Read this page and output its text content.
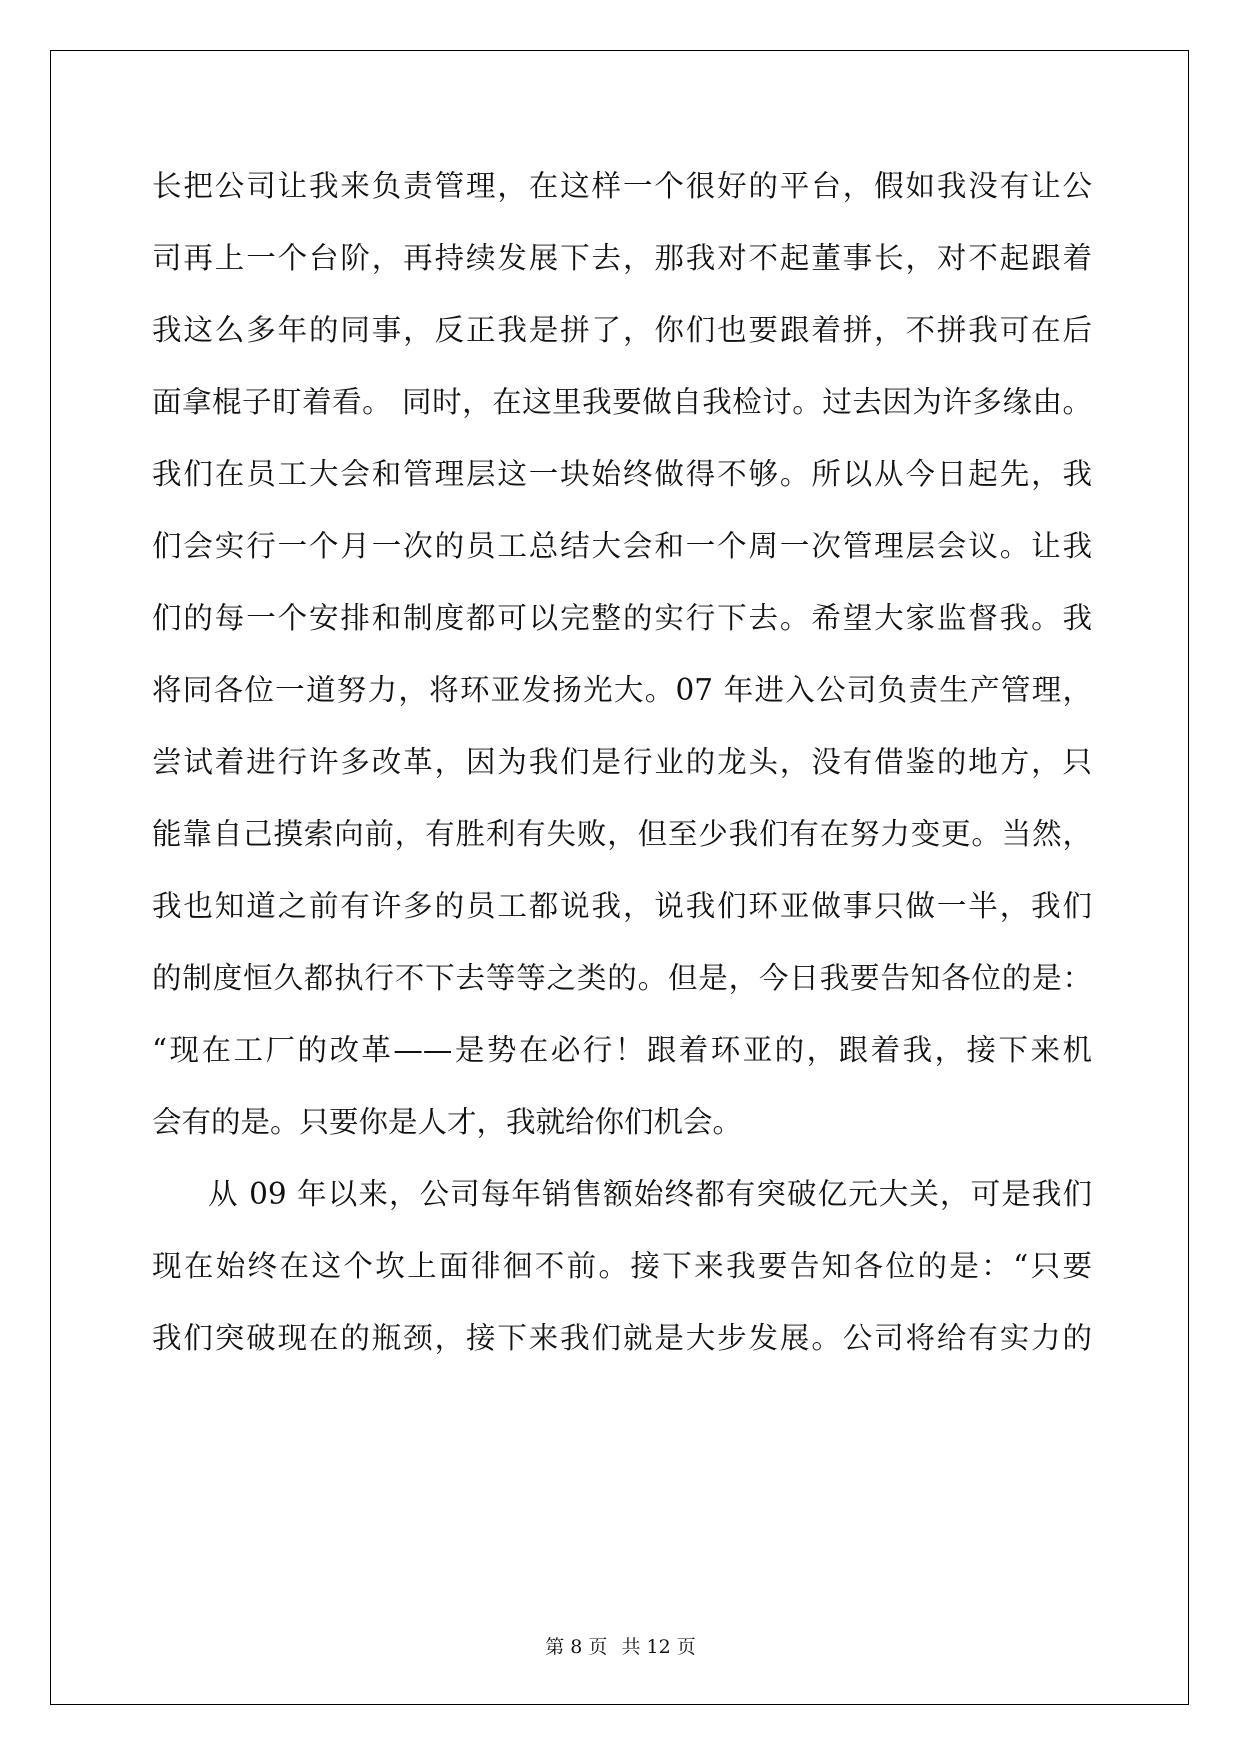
长把公司让我来负责管理，在这样一个很好的平台，假如我没有让公
司再上一个台阶，再持续发展下去，那我对不起董事长，对不起跟着
我这么多年的同事，反正我是拼了，你们也要跟着拼，不拼我可在后
面拿棍子盯着看。 同时，在这里我要做自我检讨。过去因为许多缘由。
我们在员工大会和管理层这一块始终做得不够。所以从今日起先，我
们会实行一个月一次的员工总结大会和一个周一次管理层会议。让我
们的每一个安排和制度都可以完整的实行下去。希望大家监督我。我
将同各位一道努力，将环亚发扬光大。07 年进入公司负责生产管理，
尝试着进行许多改革，因为我们是行业的龙头，没有借鉴的地方，只
能靠自己摸索向前，有胜利有失败，但至少我们有在努力变更。当然，
我也知道之前有许多的员工都说我，说我们环亚做事只做一半，我们
的制度恒久都执行不下去等等之类的。但是，今日我要告知各位的是：
“现在工厂的改革——是势在必行！跟着环亚的，跟着我，接下来机
会有的是。只要你是人才，我就给你们机会。
从 09 年以来，公司每年销售额始终都有突破亿元大关，可是我们
现在始终在这个坎上面徘徊不前。接下来我要告知各位的是：“只要
我们突破现在的瓶颈，接下来我们就是大步发展。公司将给有实力的
第 8 页 共 12 页
